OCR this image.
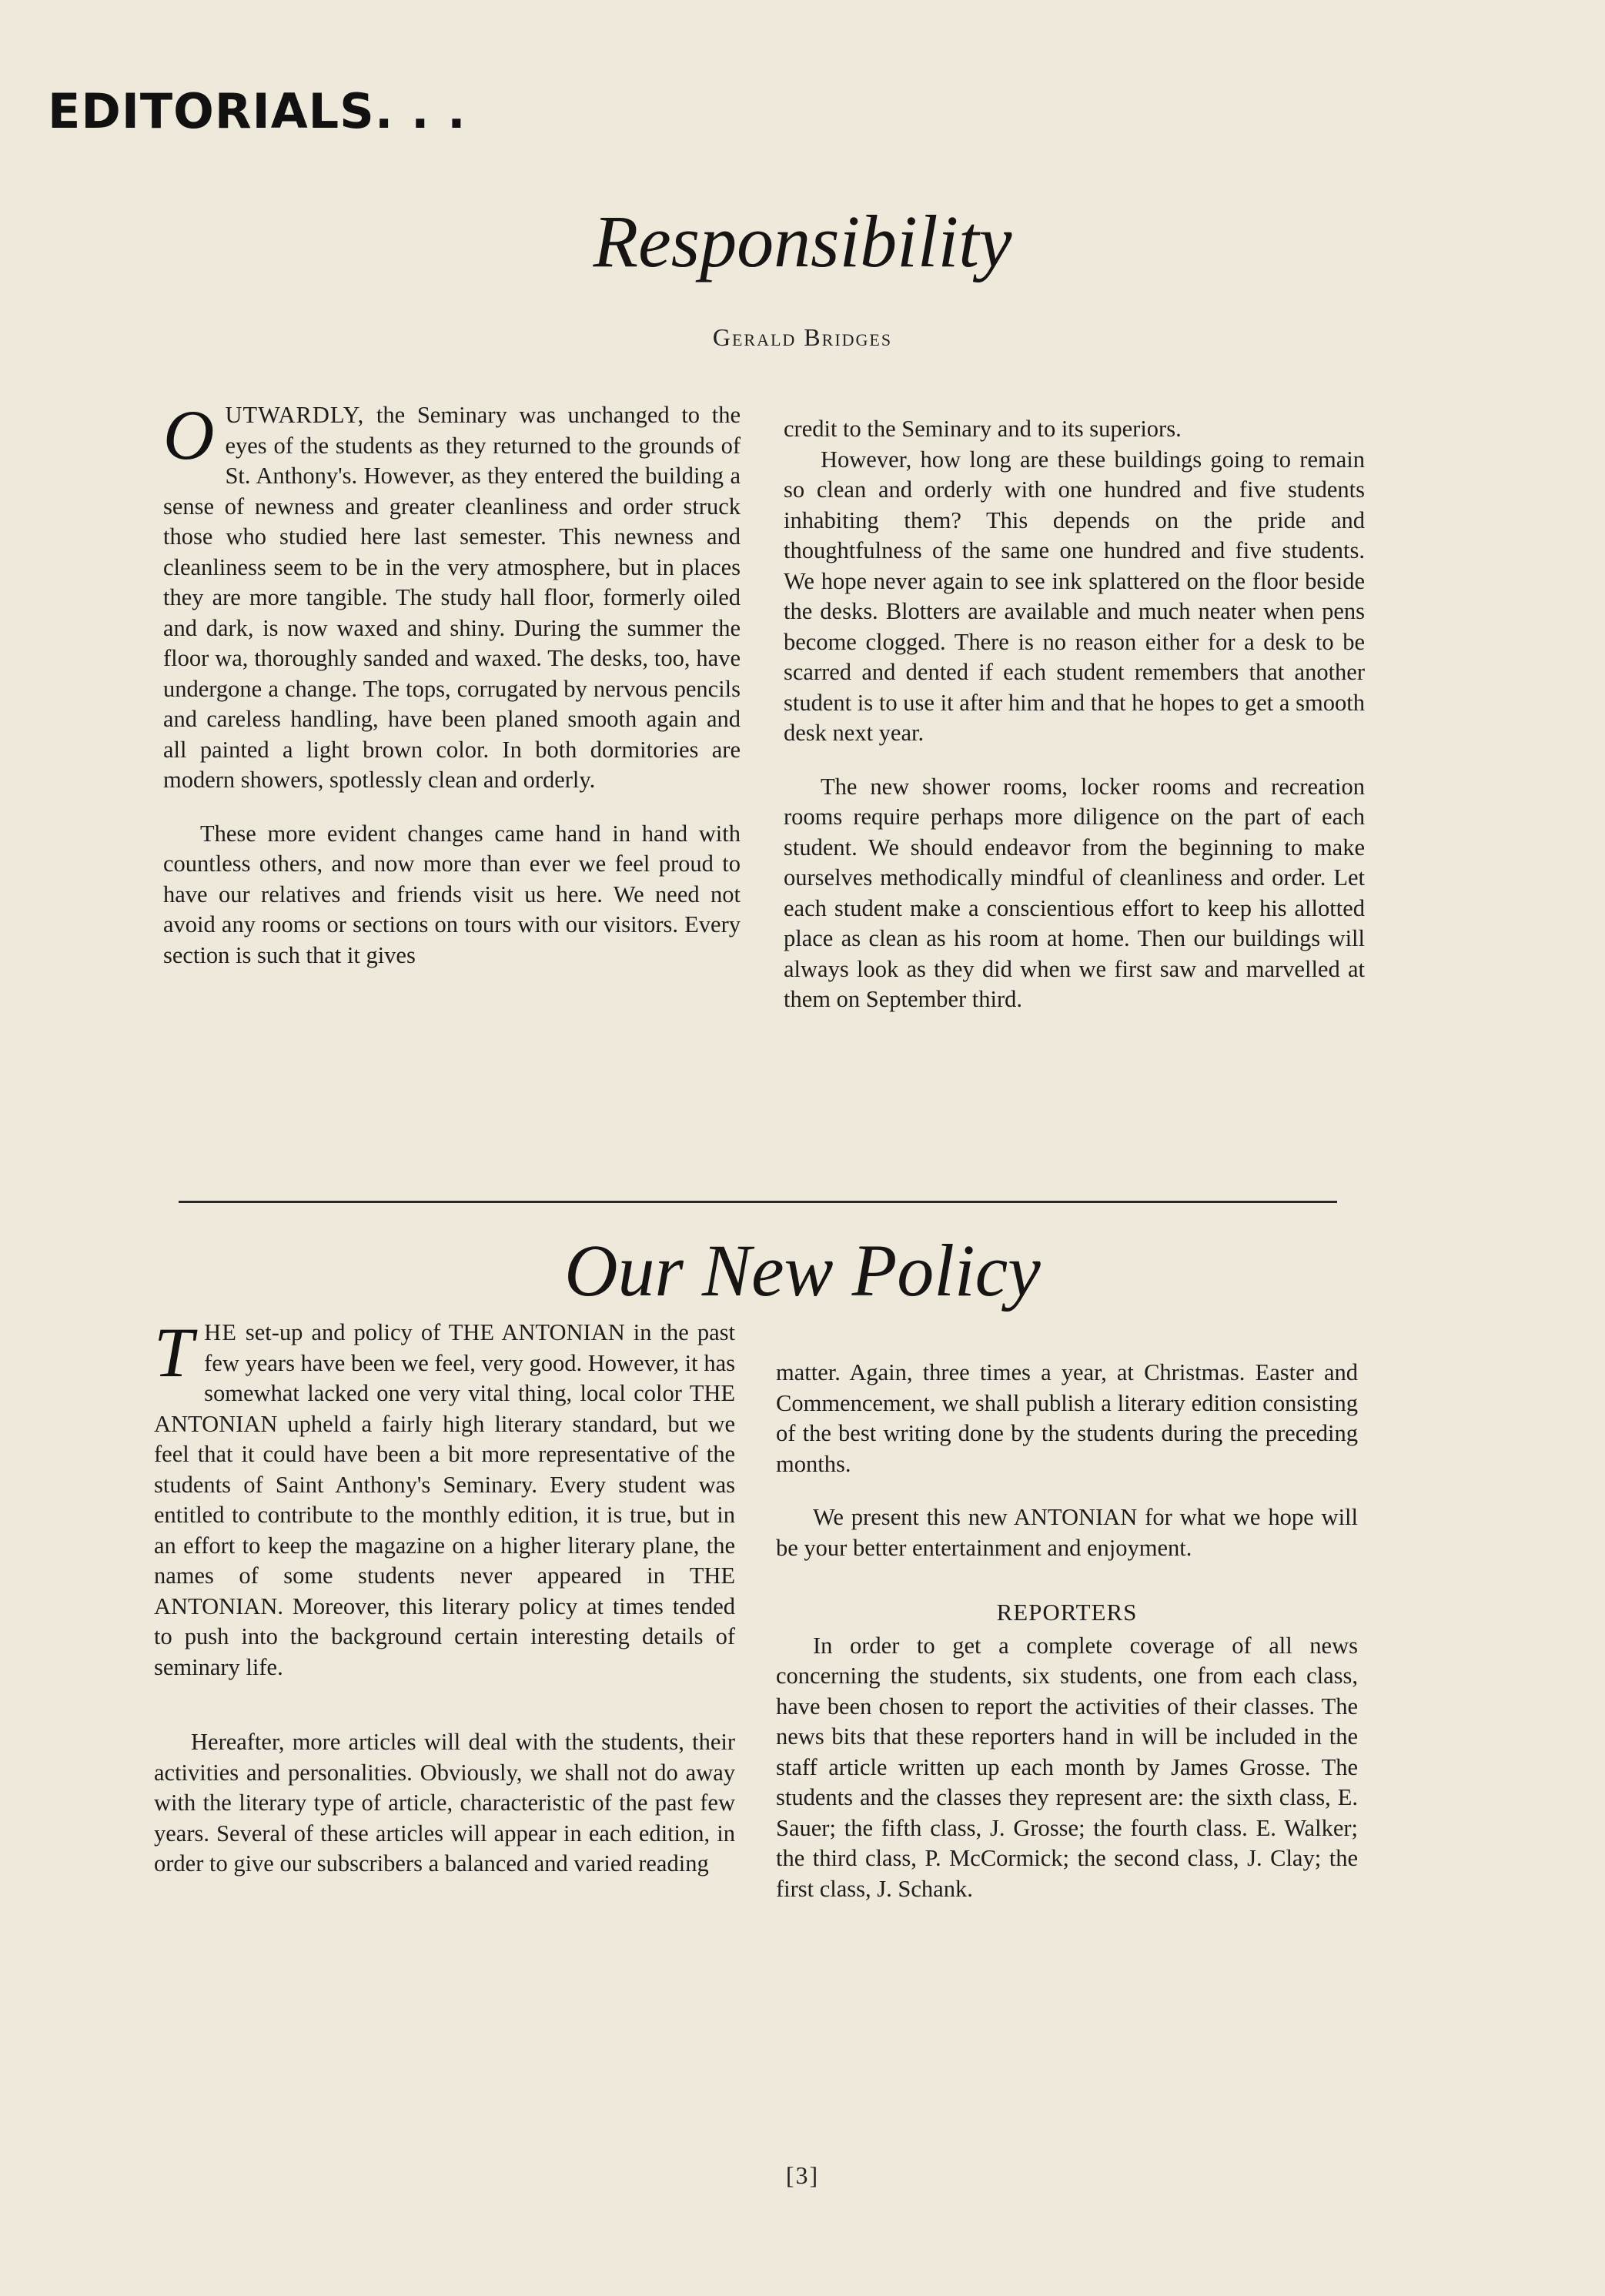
EDITORIALS. . .
Responsibility
Gerald Bridges

OUTWARDLY, the Seminary was unchanged to the eyes of the students as they returned to the grounds of St. Anthony's. However, as they entered the building a sense of newness and greater cleanliness and order struck those who studied here last semester. This newness and cleanliness seem to be in the very atmosphere, but in places they are more tangible. The study hall floor, formerly oiled and dark, is now waxed and shiny. During the summer the floor wa, thoroughly sanded and waxed. The desks, too, have undergone a change. The tops, corrugated by nervous pencils and careless handling, have been planed smooth again and all painted a light brown color. In both dormitories are modern showers, spotlessly clean and orderly.

These more evident changes came hand in hand with countless others, and now more than ever we feel proud to have our relatives and friends visit us here. We need not avoid any rooms or sections on tours with our visitors. Every section is such that it gives

credit to the Seminary and to its superiors.

However, how long are these buildings going to remain so clean and orderly with one hundred and five students inhabiting them? This depends on the pride and thoughtfulness of the same one hundred and five students. We hope never again to see ink splattered on the floor beside the desks. Blotters are available and much neater when pens become clogged. There is no reason either for a desk to be scarred and dented if each student remembers that another student is to use it after him and that he hopes to get a smooth desk next year.

The new shower rooms, locker rooms and recreation rooms require perhaps more diligence on the part of each student. We should endeavor from the beginning to make ourselves methodically mindful of cleanliness and order. Let each student make a conscientious effort to keep his allotted place as clean as his room at home. Then our buildings will always look as they did when we first saw and marvelled at them on September third.

Our New Policy

THE set-up and policy of THE ANTONIAN in the past few years have been we feel, very good. However, it has somewhat lacked one very vital thing, local color THE ANTONIAN upheld a fairly high literary standard, but we feel that it could have been a bit more representative of the students of Saint Anthony's Seminary. Every student was entitled to contribute to the monthly edition, it is true, but in an effort to keep the magazine on a higher literary plane, the names of some students never appeared in THE ANTONIAN. Moreover, this literary policy at times tended to push into the background certain interesting details of seminary life.

Hereafter, more articles will deal with the students, their activities and personalities. Obviously, we shall not do away with the literary type of article, characteristic of the past few years. Several of these articles will appear in each edition, in order to give our subscribers a balanced and varied reading

matter. Again, three times a year, at Christmas. Easter and Commencement, we shall publish a literary edition consisting of the best writing done by the students during the preceding months.

We present this new ANTONIAN for what we hope will be your better entertainment and enjoyment.

REPORTERS

In order to get a complete coverage of all news concerning the students, six students, one from each class, have been chosen to report the activities of their classes. The news bits that these reporters hand in will be included in the staff article written up each month by James Grosse. The students and the classes they represent are: the sixth class, E. Sauer; the fifth class, J. Grosse; the fourth class. E. Walker; the third class, P. McCormick; the second class, J. Clay; the first class, J. Schank.

[3]
